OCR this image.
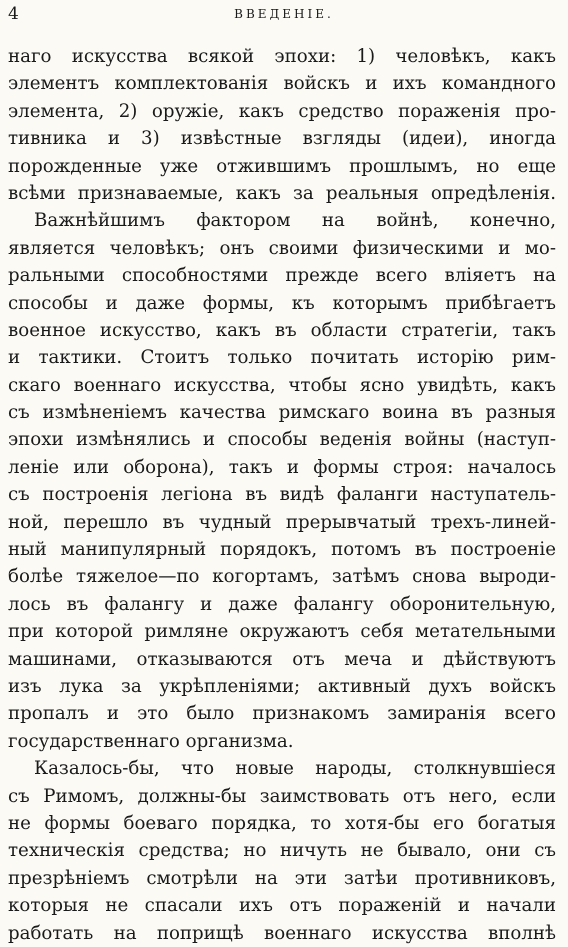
4	ВВЕДЕНІЕ.
наго искусства всякой эпохи: 1) человѣкъ, какъ
элементъ комплектованія войскъ и ихъ командного
элемента, 2) оружіе, какъ средство пораженія про-
тивника и 3) извѣстные взгляды (идеи), иногда
порожденные уже отжившимъ прошлымъ, но еще
всѣми признаваемые, какъ за реальныя опредѣленія.
Важнѣйшимъ фактором на войнѣ, конечно,
является человѣкъ; онъ своими физическими и мо-
ральными способностями прежде всего вліяетъ на
способы и даже формы, къ которымъ прибѣгаетъ
военное искусство, какъ въ области стратегіи, такъ
и тактики. Стоитъ только почитать исторію рим-
скаго военнаго искусства, чтобы ясно увидѣть, какъ
съ измѣненіемъ качества римскаго воина въ разныя
эпохи измѣнялись и способы веденія войны (наступ-
леніе или оборона), такъ и формы строя: началось
съ построенія легіона въ видѣ фаланги наступатель-
ной, перешло въ чудный прерывчатый трехъ-линей-
ный манипулярный порядокъ, потомъ въ построеніе
болѣе тяжелое—по когортамъ, затѣмъ снова выроди-
лось въ фалангу и даже фалангу оборонительную,
при которой римляне окружаютъ себя метательными
машинами, отказываются отъ меча и дѣйствуютъ
изъ лука за укрѣпленіями; активный духъ войскъ
пропалъ и это было признакомъ замиранія всего
государственнаго организма.
Казалось-бы, что новые народы, столкнувшіеся
съ Римомъ, должны-бы заимствовать отъ него, если
не формы боеваго порядка, то хотя-бы его богатыя
техническія средства; но ничуть не бывало, они съ
презрѣніемъ смотрѣли на эти затѣи противниковъ,
которыя не спасали ихъ отъ пораженій и начали
работать на поприщѣ военнаго искусства вполнѣ
